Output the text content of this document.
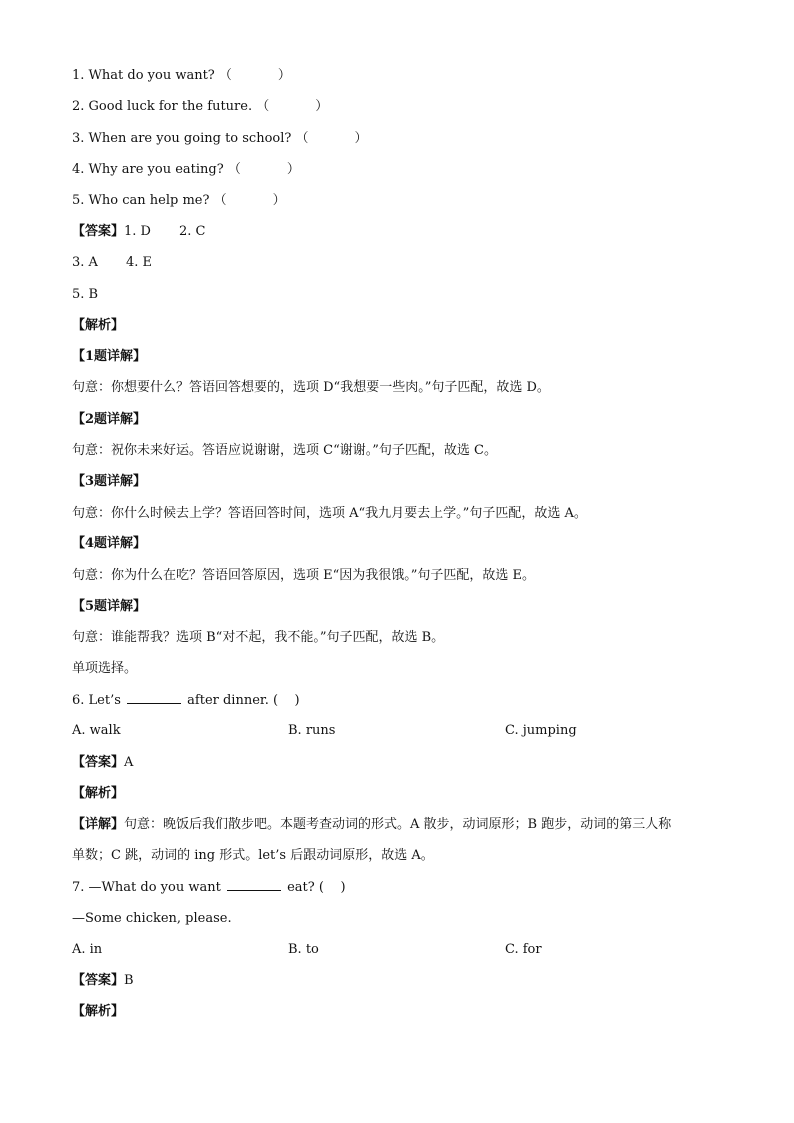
1. What do you want? （	）
2. Good luck for the future. （	）
3. When are you going to school? （	）
4. Why are you eating? （	）
5. Who can help me? （	）
【答案】1. D 2. C
3. A 4. E
5. B
【解析】
【1题详解】
句意：你想要什么？答语回答想要的，选项 D“我想要一些肉。”句子匹配，故选 D。
【2题详解】
句意：祝你未来好运。答语应说谢谢，选项 C“谢谢。”句子匹配，故选 C。
【3题详解】
句意：你什么时候去上学？答语回答时间，选项 A“我九月要去上学。”句子匹配，故选 A。
【4题详解】
句意：你为什么在吃？答语回答原因，选项 E“因为我很饿。”句子匹配，故选 E。
【5题详解】
句意：谁能帮我？选项 B“对不起，我不能。”句子匹配，故选 B。
单项选择。
6. Let’s	after dinner. (    )
A. walk	B. runs	C. jumping
【答案】A
【解析】
【详解】句意：晚饭后我们散步吧。本题考查动词的形式。A 散步，动词原形；B 跑步，动词的第三人称
单数；C 跳，动词的 ing 形式。let’s 后跟动词原形，故选 A。
7. —What do you want	eat? (    )
—Some chicken, please.
A. in	B. to	C. for
【答案】B
【解析】
